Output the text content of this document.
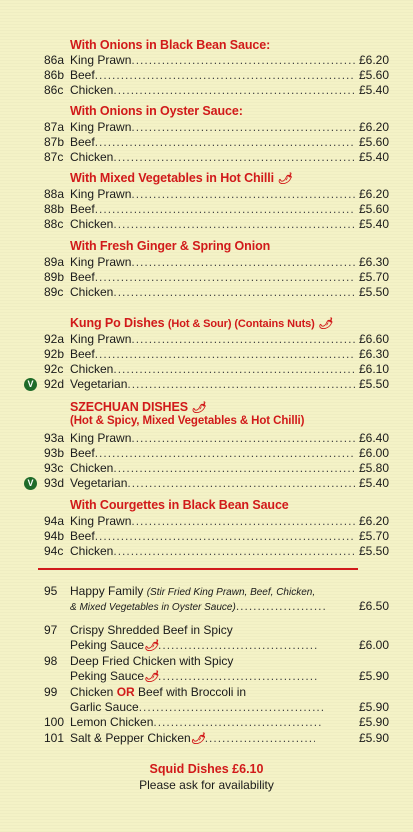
With Onions in Black Bean Sauce:
86a King Prawn .....	£6.20
86b Beef .....	£5.60
86c Chicken .....	£5.40
With Onions in Oyster Sauce:
87a King Prawn .....	£6.20
87b Beef .....	£5.60
87c Chicken .....	£5.40
With Mixed Vegetables in Hot Chilli 🌶
88a King Prawn .....	£6.20
88b Beef .....	£5.60
88c Chicken .....	£5.40
With Fresh Ginger & Spring Onion
89a King Prawn .....	£6.30
89b Beef .....	£5.70
89c Chicken .....	£5.50
Kung Po Dishes (Hot & Sour) (Contains Nuts) 🌶
92a King Prawn .....	£6.60
92b Beef .....	£6.30
92c Chicken .....	£6.10
V 92d Vegetarian .....	£5.50
SZECHUAN DISHES 🌶
(Hot & Spicy, Mixed Vegetables & Hot Chilli)
93a King Prawn .....	£6.40
93b Beef .....	£6.00
93c Chicken .....	£5.80
V 93d Vegetarian .....	£5.40
With Courgettes in Black Bean Sauce
94a King Prawn .....	£6.20
94b Beef .....	£5.70
94c Chicken .....	£5.50
95 Happy Family (Stir Fried King Prawn, Beef, Chicken,
& Mixed Vegetables in Oyster Sauce) .....	£6.50
97 Crispy Shredded Beef in Spicy
Peking Sauce🌶 .....	£6.00
98 Deep Fried Chicken with Spicy
Peking Sauce🌶 .....	£5.90
99 Chicken OR Beef with Broccoli in
Garlic Sauce .....	£5.90
100 Lemon Chicken .....	£5.90
101 Salt & Pepper Chicken🌶 .....	£5.90
Squid Dishes £6.10
Please ask for availability
